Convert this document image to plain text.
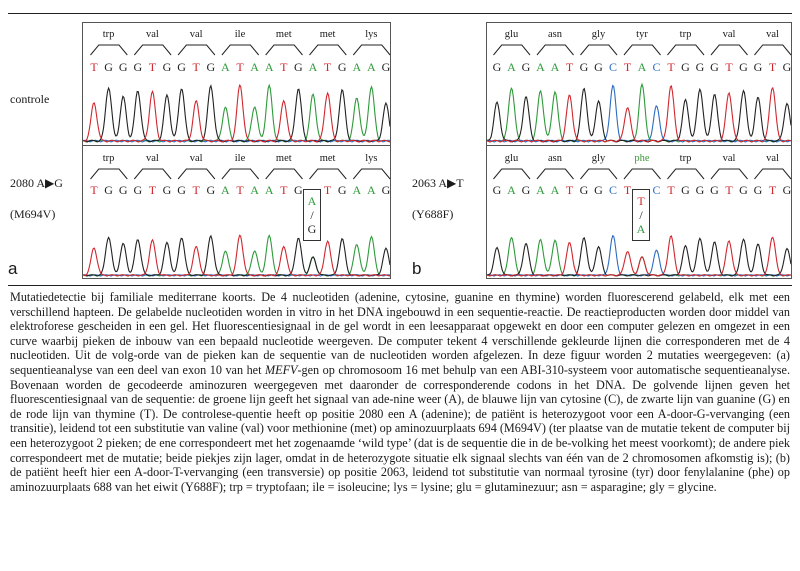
controle
2080 A▶G
(M694V)
a
trp	val	val	ile	met	met	lys
T G G G T G G T G A T A A T G A T G A A G
trp	val	val	ile	met	met	lys
T G G G T G G T G A T A A T G T G A A G
A
/
G
2063 A▶T
(Y688F)
b
glu	asn	gly	tyr	trp	val	val
G A G A A T G G C T A C T G G G T G G T G
glu	asn	gly	phe	trp	val	val
G A G A A T G G C T C T G G G T G G T G
T
/
A
Mutatiedetectie bij familiale mediterrane koorts. De 4 nucleotiden (adenine, cytosine, guanine en thymine) worden fluorescerend gelabeld, elk met een verschillend hapteen. De gelabelde nucleotiden worden in vitro in het DNA ingebouwd in een sequentie-reactie. De reactieproducten worden door middel van elektroforese gescheiden in een gel. Het fluorescentiesignaal in de gel wordt in een leesapparaat opgewekt en door een computer gelezen en omgezet in een curve waarbij pieken de inbouw van een bepaald nucleotide weergeven. De computer tekent 4 verschillende gekleurde lijnen die corresponderen met de 4 nucleotiden. Uit de volg-orde van de pieken kan de sequentie van de nucleotiden worden afgelezen. In deze figuur worden 2 mutaties weergegeven: (a) sequentieanalyse van een deel van exon 10 van het MEFV-gen op chromosoom 16 met behulp van een ABI-310-systeem voor automatische sequentieanalyse. Bovenaan worden de gecodeerde aminozuren weergegeven met daaronder de corresponderende codons in het DNA. De golvende lijnen geven het fluorescentiesignaal van de sequentie: de groene lijn geeft het signaal van ade-nine weer (A), de blauwe lijn van cytosine (C), de zwarte lijn van guanine (G) en de rode lijn van thymine (T). De controlese-quentie heeft op positie 2080 een A (adenine); de patiënt is heterozygoot voor een A-door-G-vervanging (een transitie), leidend tot een substitutie van valine (val) voor methionine (met) op aminozuurplaats 694 (M694V) (ter plaatse van de mutatie tekent de computer bij een heterozygoot 2 pieken; de ene correspondeert met het zogenaamde ‘wild type’ (dat is de sequentie die in de be-volking het meest voorkomt); de andere piek correspondeert met de mutatie; beide piekjes zijn lager, omdat in de heterozygote situatie elk signaal slechts van één van de 2 chromosomen afkomstig is); (b) de patiënt heeft hier een A-door-T-vervanging (een transversie) op positie 2063, leidend tot substitutie van normaal tyrosine (tyr) door fenylalanine (phe) op aminozuurplaats 688 van het eiwit (Y688F); trp = tryptofaan; ile = isoleucine; lys = lysine; glu = glutaminezuur; asn = asparagine; gly = glycine.
